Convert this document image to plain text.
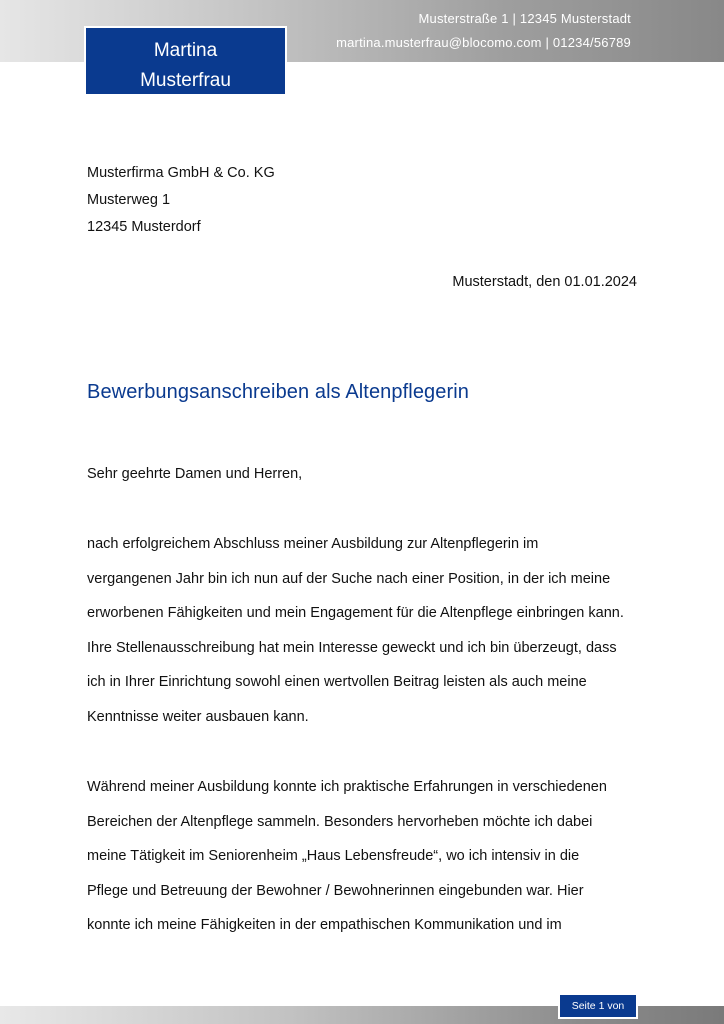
Musterstraße 1 | 12345 Musterstadt
martina.musterfrau@blocomo.com | 01234/56789
Martina
Musterfrau
Musterfirma GmbH & Co. KG
Musterweg 1
12345 Musterdorf
Musterstadt, den 01.01.2024
Bewerbungsanschreiben als Altenpflegerin
Sehr geehrte Damen und Herren,
nach erfolgreichem Abschluss meiner Ausbildung zur Altenpflegerin im
vergangenen Jahr bin ich nun auf der Suche nach einer Position, in der ich meine
erworbenen Fähigkeiten und mein Engagement für die Altenpflege einbringen kann.
Ihre Stellenausschreibung hat mein Interesse geweckt und ich bin überzeugt, dass
ich in Ihrer Einrichtung sowohl einen wertvollen Beitrag leisten als auch meine
Kenntnisse weiter ausbauen kann.
Während meiner Ausbildung konnte ich praktische Erfahrungen in verschiedenen
Bereichen der Altenpflege sammeln. Besonders hervorheben möchte ich dabei
meine Tätigkeit im Seniorenheim „Haus Lebensfreude“, wo ich intensiv in die
Pflege und Betreuung der Bewohner / Bewohnerinnen eingebunden war. Hier
konnte ich meine Fähigkeiten in der empathischen Kommunikation und im
Seite 1 von
